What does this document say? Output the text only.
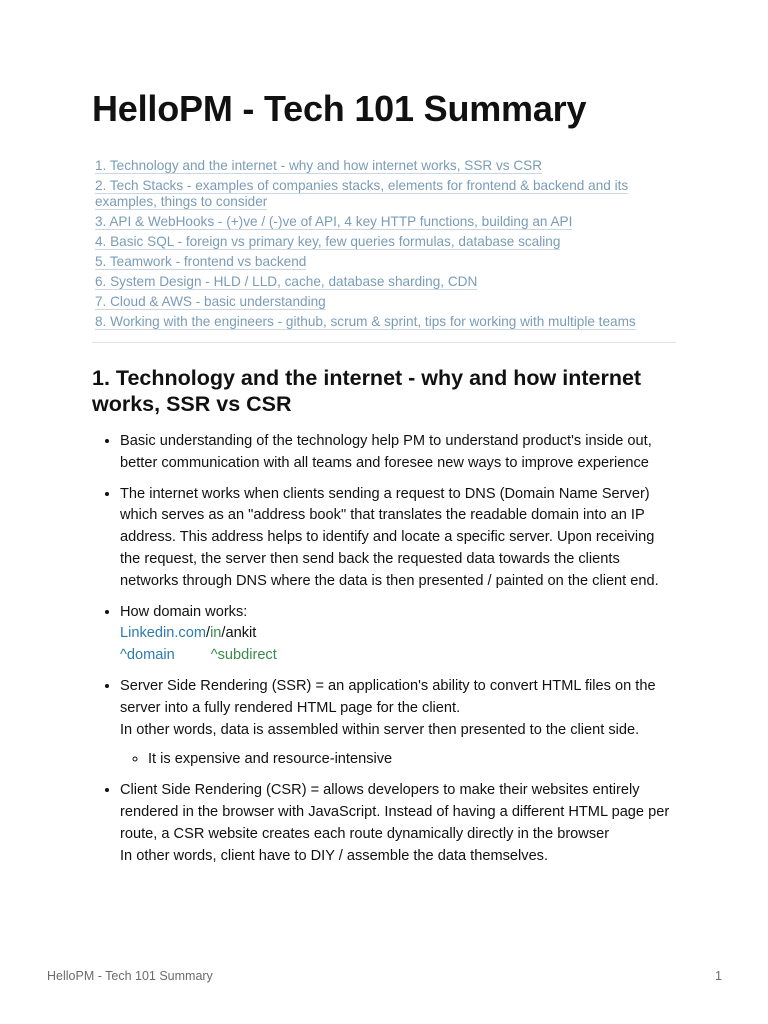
HelloPM - Tech 101 Summary
1. Technology and the internet - why and how internet works, SSR vs CSR
2. Tech Stacks - examples of companies stacks, elements for frontend & backend and its
examples, things to consider
3. API & WebHooks - (+)ve / (-)ve of API, 4 key HTTP functions, building an API
4. Basic SQL - foreign vs primary key, few queries formulas, database scaling
5. Teamwork - frontend vs backend
6. System Design - HLD / LLD, cache, database sharding, CDN
7. Cloud & AWS - basic understanding
8. Working with the engineers - github, scrum & sprint, tips for working with multiple teams
1. Technology and the internet - why and how internet works, SSR vs CSR
• Basic understanding of the technology help PM to understand product's inside out, better communication with all teams and foresee new ways to improve experience
• The internet works when clients sending a request to DNS (Domain Name Server) which serves as an "address book" that translates the readable domain into an IP address. This address helps to identify and locate a specific server. Upon receiving the request, the server then send back the requested data towards the clients networks through DNS where the data is then presented / painted on the client end.
• How domain works:
Linkedin.com/in/ankit
^domain ^subdirect
• Server Side Rendering (SSR) = an application's ability to convert HTML files on the server into a fully rendered HTML page for the client.
In other words, data is assembled within server then presented to the client side.
◦ It is expensive and resource-intensive
• Client Side Rendering (CSR) = allows developers to make their websites entirely rendered in the browser with JavaScript. Instead of having a different HTML page per route, a CSR website creates each route dynamically directly in the browser
In other words, client have to DIY / assemble the data themselves.
HelloPM - Tech 101 Summary	1
